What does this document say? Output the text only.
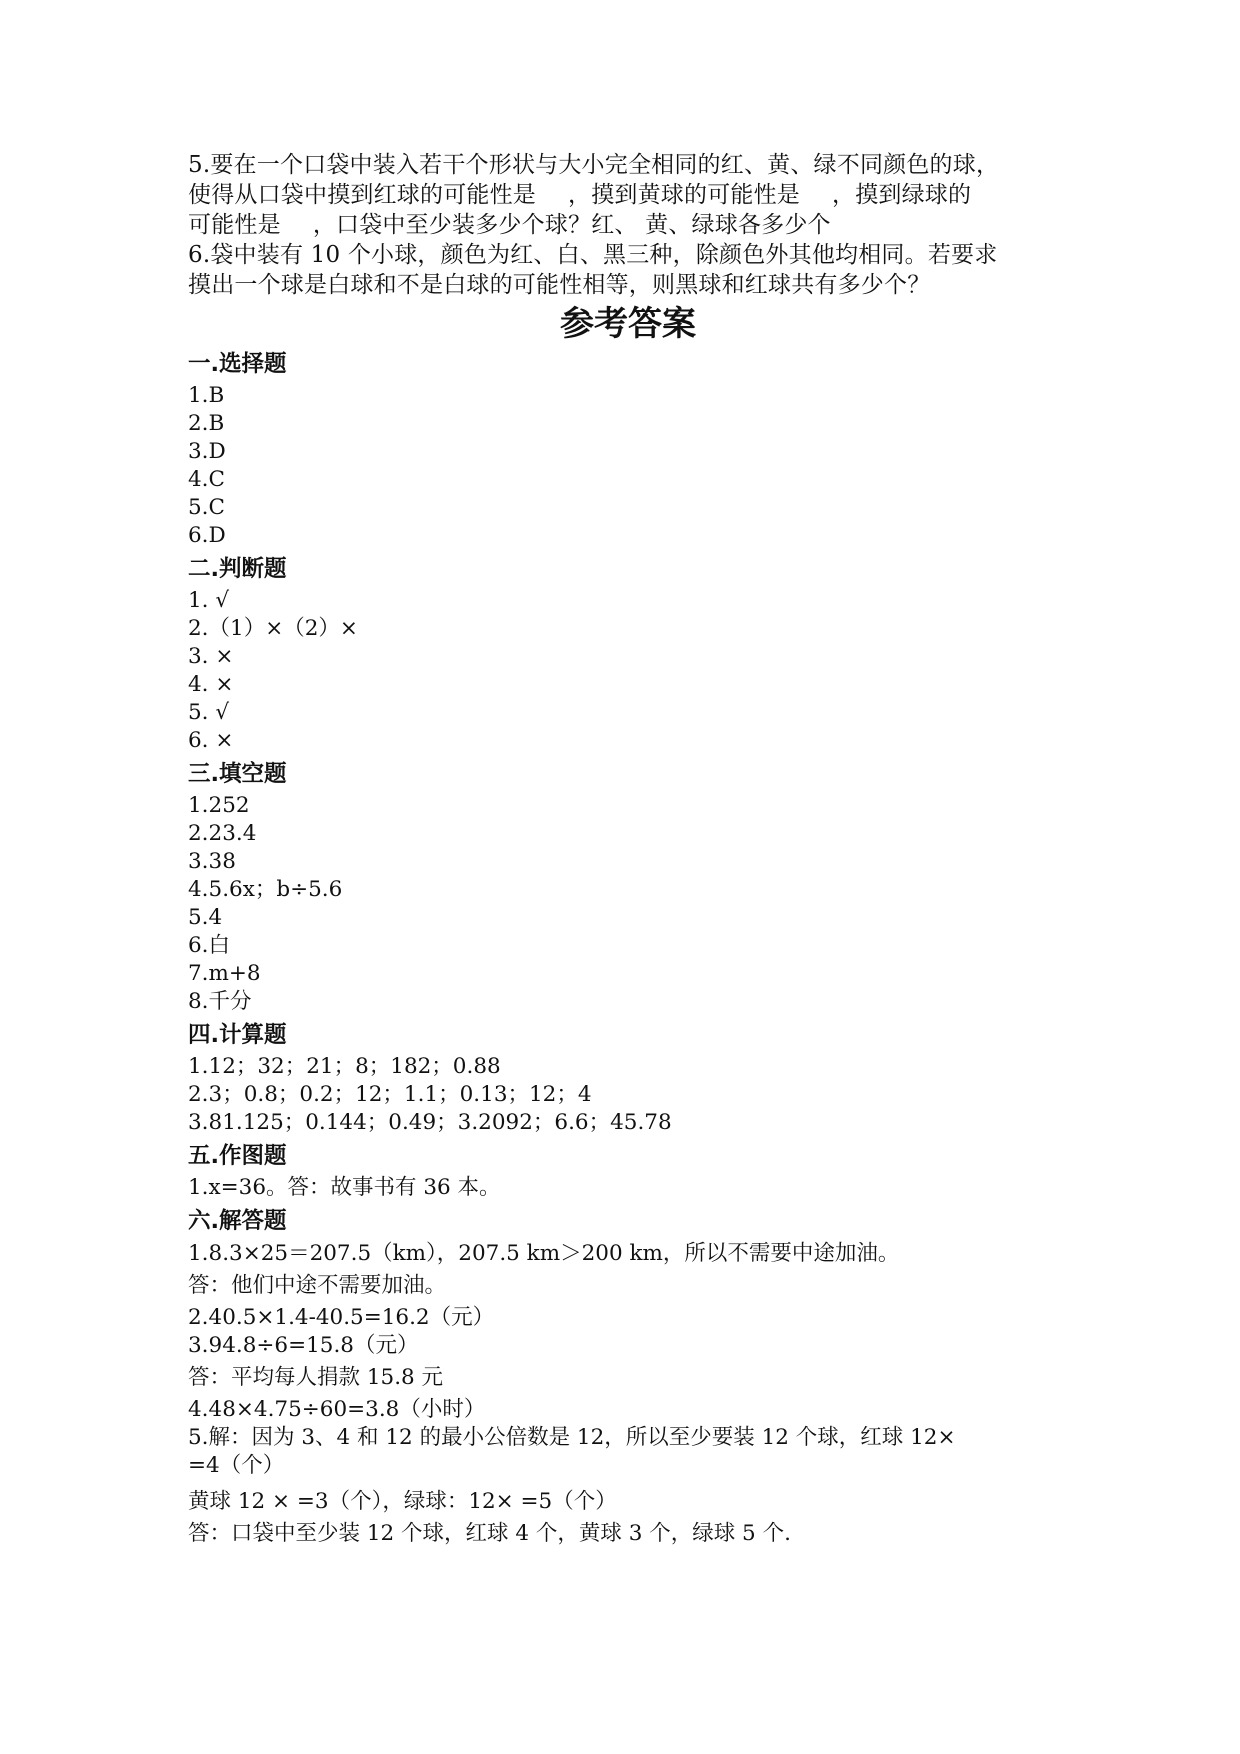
5.要在一个口袋中装入若干个形状与大小完全相同的红、黄、绿不同颜色的球，
使得从口袋中摸到红球的可能性是 ，摸到黄球的可能性是 ，摸到绿球的
可能性是 ，口袋中至少装多少个球？红、 黄、绿球各多少个
6.袋中装有 10 个小球，颜色为红、白、黑三种，除颜色外其他均相同。若要求
摸出一个球是白球和不是白球的可能性相等，则黑球和红球共有多少个？
参考答案
一.选择题
1.B
2.B
3.D
4.C
5.C
6.D
二.判断题
1. √
2.（1）×（2）×
3. ×
4. ×
5. √
6. ×
三.填空题
1.252
2.23.4
3.38
4.5.6x；b÷5.6
5.4
6.白
7.m+8
8.千分
四.计算题
1.12；32；21；8；182；0.88
2.3；0.8；0.2；12；1.1；0.13；12；4
3.81.125；0.144；0.49；3.2092；6.6；45.78
五.作图题
1.x=36。答：故事书有 36 本。
六.解答题
1.8.3×25＝207.5（km），207.5 km＞200 km，所以不需要中途加油。
答：他们中途不需要加油。
2.40.5×1.4-40.5=16.2（元）
3.94.8÷6=15.8（元）
答：平均每人捐款 15.8 元
4.48×4.75÷60=3.8（小时）
5.解：因为 3、4 和 12 的最小公倍数是 12，所以至少要装 12 个球，红球 12×
=4（个）
黄球 12 × =3（个），绿球：12× =5（个）
答：口袋中至少装 12 个球，红球 4 个，黄球 3 个，绿球 5 个.
